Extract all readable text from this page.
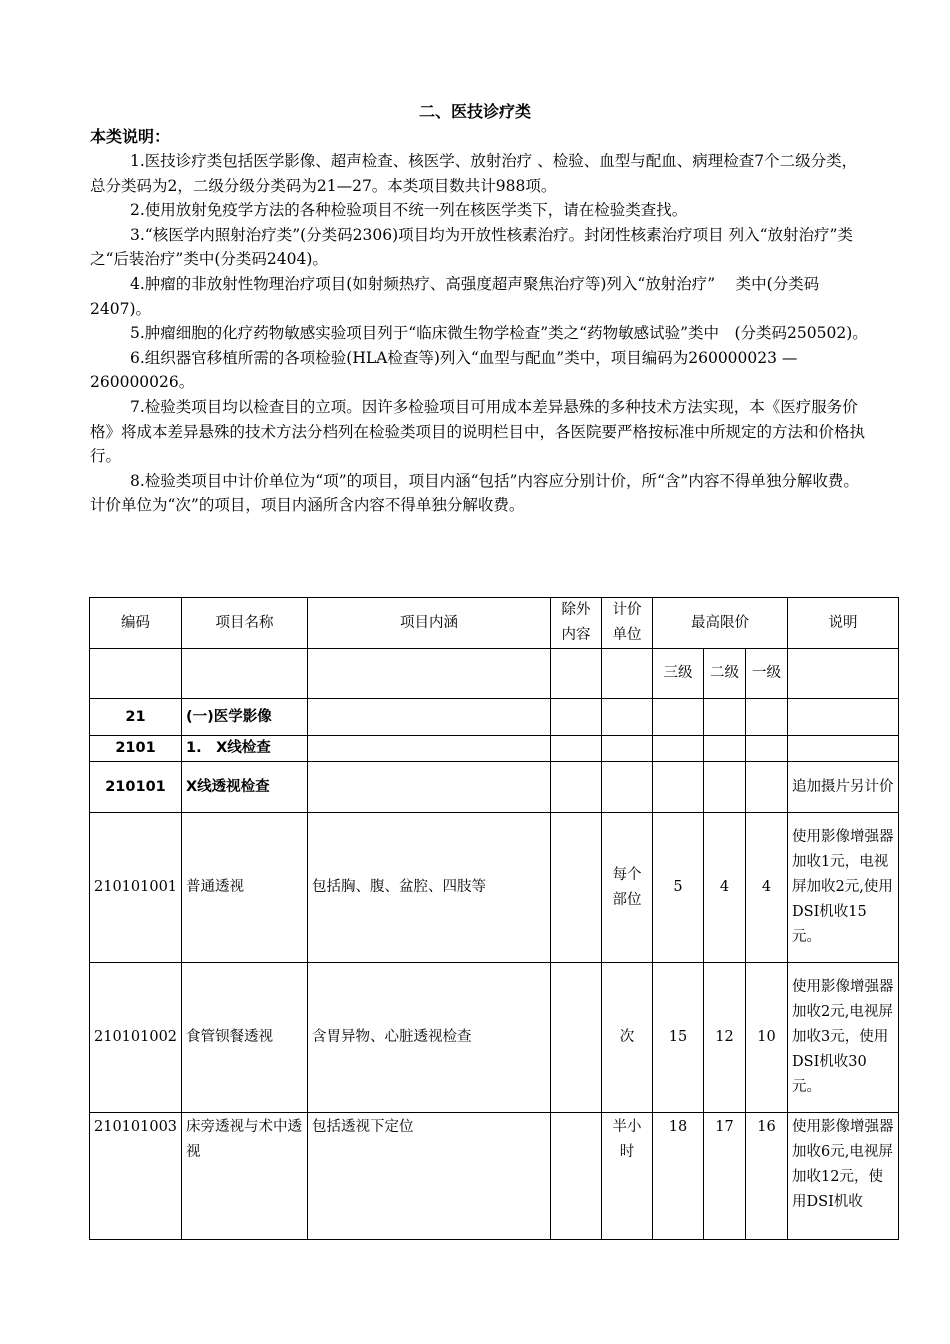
二、医技诊疗类
本类说明：

1.医技诊疗类包括医学影像、超声检查、核医学、放射治疗 、检验、血型与配血、病理检查7个二级分类，总分类码为2，二级分级分类码为21—27。本类项目数共计988项。

2.使用放射免疫学方法的各种检验项目不统一列在核医学类下，请在检验类查找。

3.“核医学内照射治疗类”(分类码2306)项目均为开放性核素治疗。封闭性核素治疗项目 列入“放射治疗”类之“后装治疗”类中(分类码2404)。

4.肿瘤的非放射性物理治疗项目(如射频热疗、高强度超声聚焦治疗等)列入“放射治疗”　 类中(分类码2407)。

5.肿瘤细胞的化疗药物敏感实验项目列于“临床微生物学检查”类之“药物敏感试验”类中　(分类码250502)。

6.组织器官移植所需的各项检验(HLA检查等)列入“血型与配血”类中，项目编码为260000023 —260000026。

7.检验类项目均以检查目的立项。因许多检验项目可用成本差异悬殊的多种技术方法实现，本《医疗服务价格》将成本差异悬殊的技术方法分档列在检验类项目的说明栏目中，各医院要严格按标准中所规定的方法和价格执行。

8.检验类项目中计价单位为“项”的项目，项目内涵“包括”内容应分别计价，所“含”内容不得单独分解收费。计价单位为“次”的项目，项目内涵所含内容不得单独分解收费。

编码	项目名称	项目内涵	除外内容	计价单位	最高限价			说明
					三级	二级	一级	
21	(一)医学影像							
2101	1.　X线检查							
210101	X线透视检查							追加摄片另计价
210101001	普通透视	包括胸、腹、盆腔、四肢等		每个部位	5	4	4	使用影像增强器加收1元，电视屏加收2元,使用DSI机收15元。
210101002	食管钡餐透视	含胃异物、心脏透视检查		次	15	12	10	使用影像增强器加收2元,电视屏加收3元，使用DSI机收30元。
210101003	床旁透视与术中透视	包括透视下定位		半小时	18	17	16	使用影像增强器加收6元,电视屏加收12元，使用DSI机收
